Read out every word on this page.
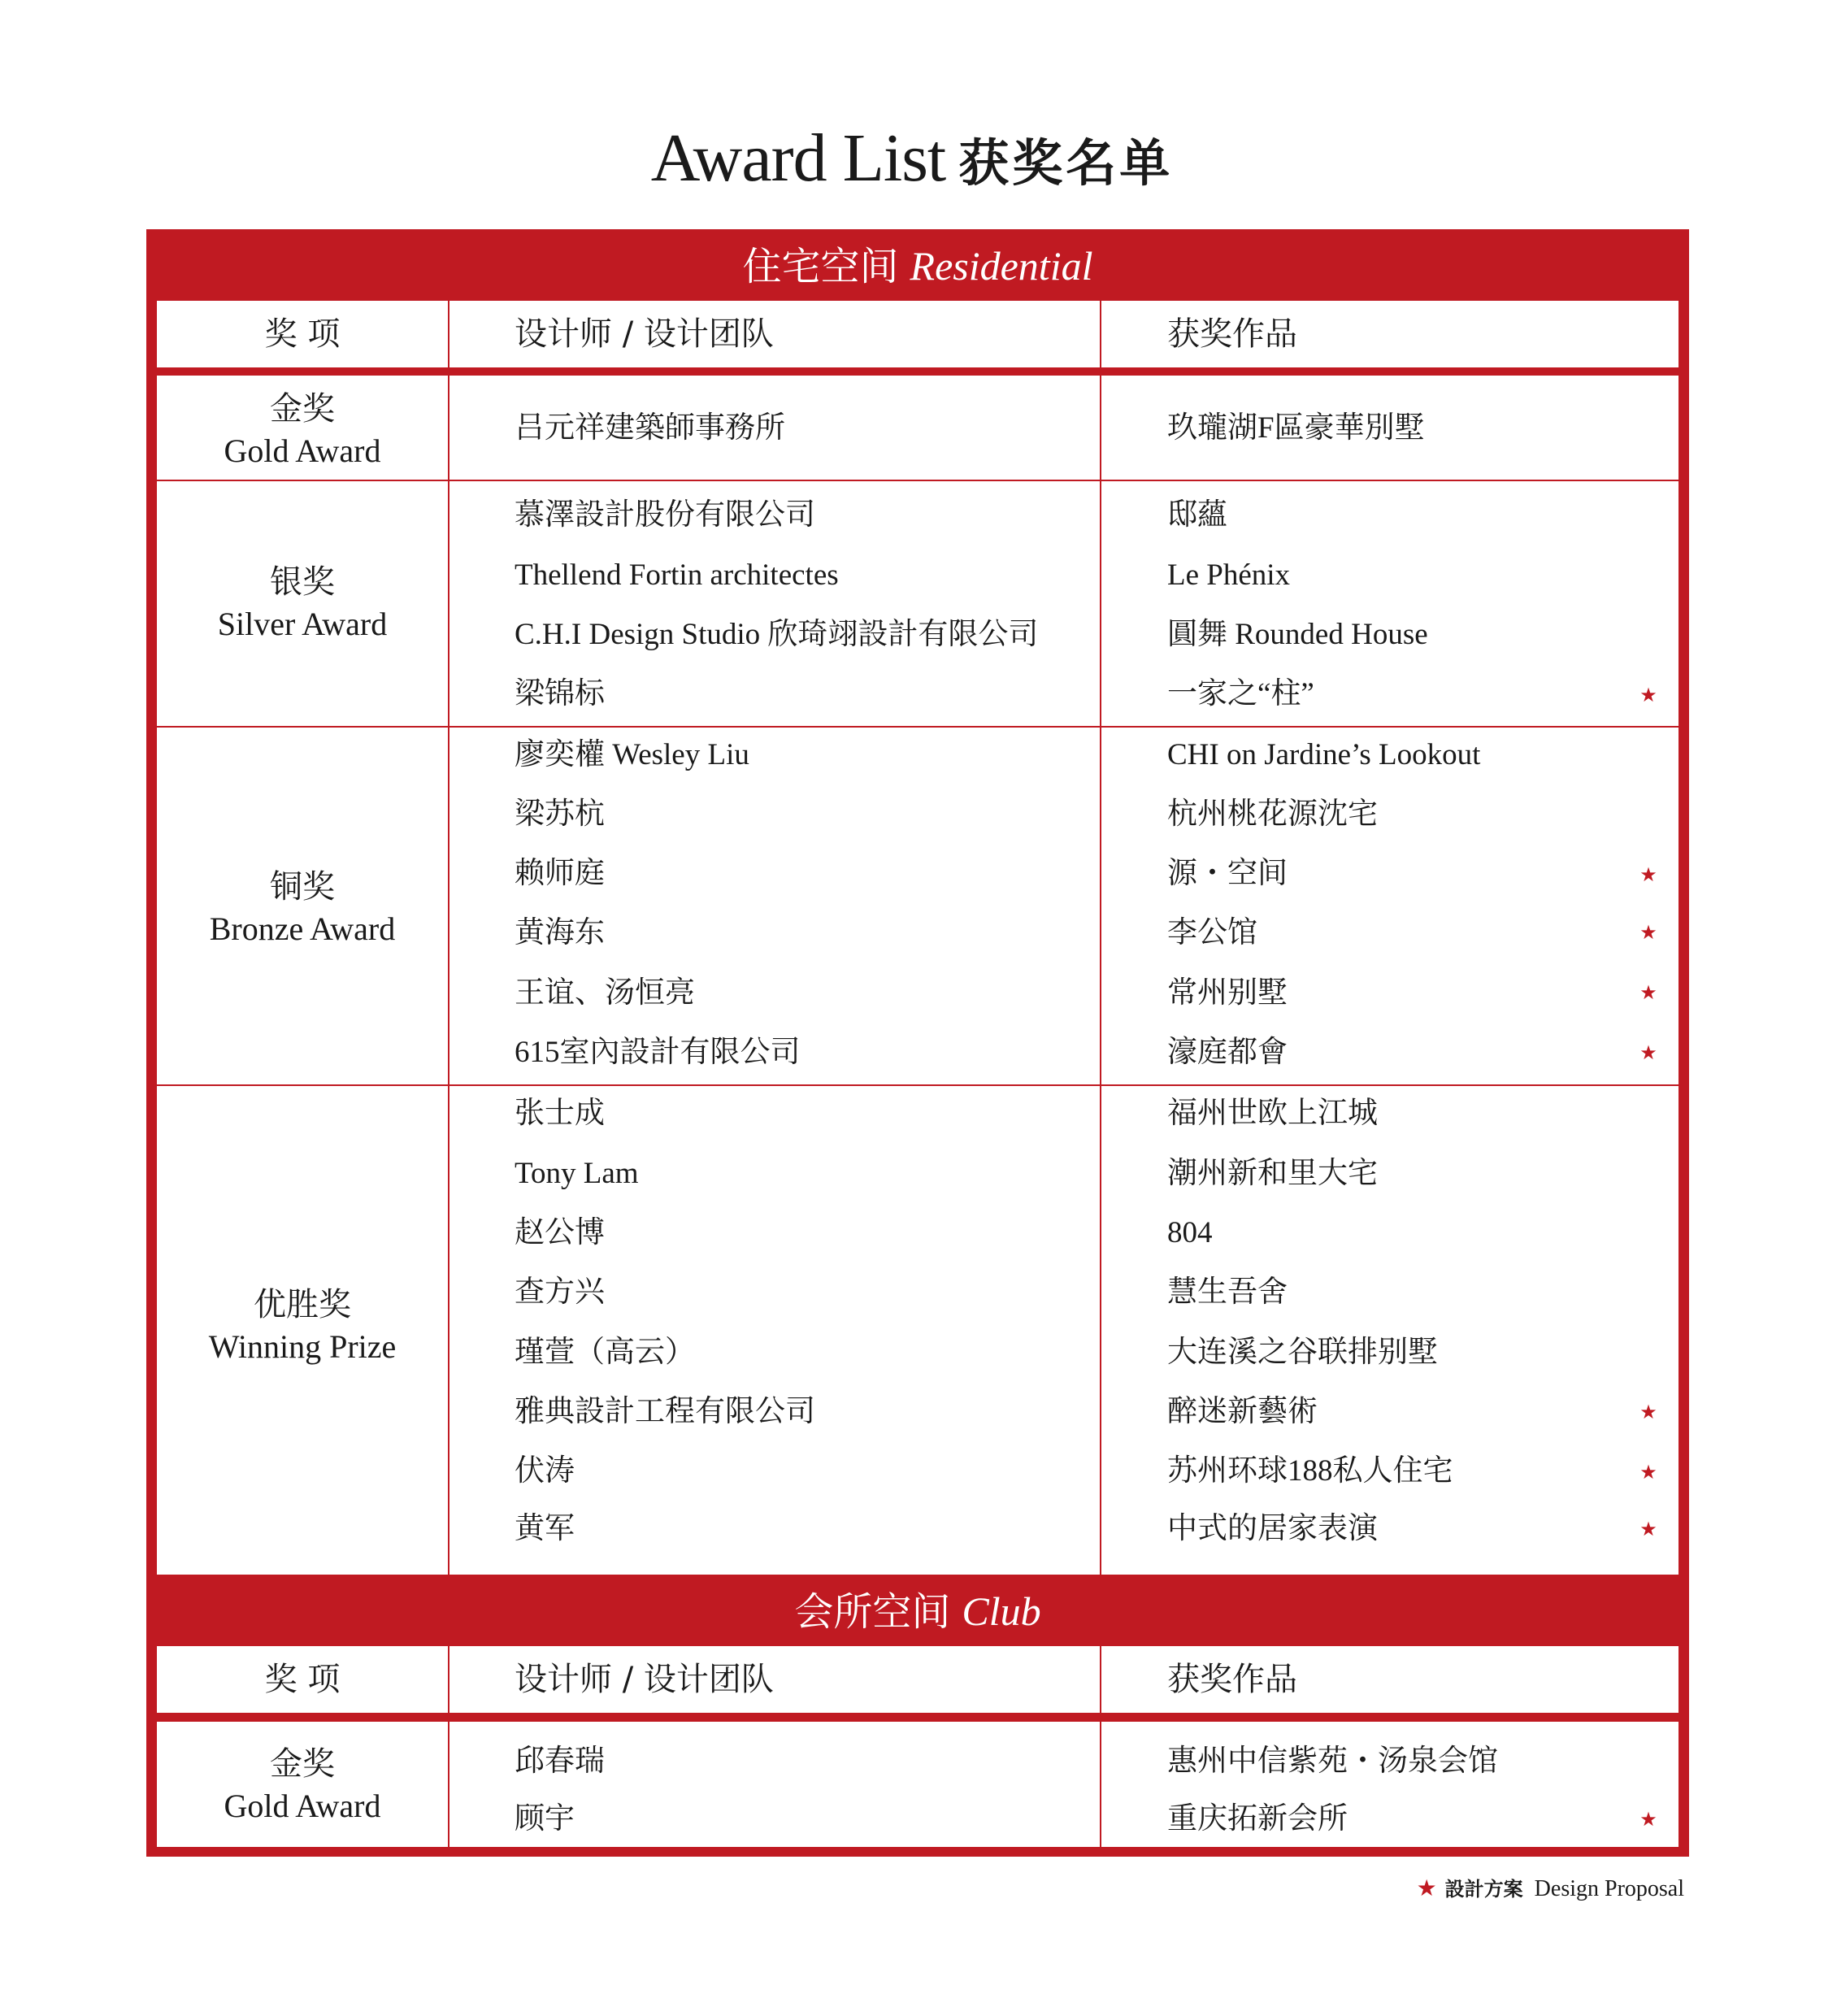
Award List 获奖名单
住宅空间 Residential
奖 项	设计师 / 设计团队	获奖作品
金奖
Gold Award
吕元祥建築師事務所	玖瓏湖F區豪華別墅
银奖
Silver Award
慕澤設計股份有限公司	邸蘊
Thellend Fortin architectes	Le Phénix
C.H.I Design Studio 欣琦翊設計有限公司	圓舞 Rounded House
梁锦标	一家之“柱”	★
铜奖
Bronze Award
廖奕權 Wesley Liu	CHI on Jardine’s Lookout
梁苏杭	杭州桃花源沈宅
赖师庭	源・空间	★
黄海东	李公馆	★
王谊、汤恒亮	常州别墅	★
615室內設計有限公司	濠庭都會	★
优胜奖
Winning Prize
张士成	福州世欧上江城
Tony Lam	潮州新和里大宅
赵公博	804
查方兴	慧生吾舍
瑾萱（高云）	大连溪之谷联排别墅
雅典設計工程有限公司	醉迷新藝術	★
伏涛	苏州环球188私人住宅	★
黄军	中式的居家表演	★
会所空间 Club
奖 项	设计师 / 设计团队	获奖作品
金奖
Gold Award
邱春瑞	惠州中信紫苑・汤泉会馆
顾宇	重庆拓新会所	★
★ 設計方案 Design Proposal
